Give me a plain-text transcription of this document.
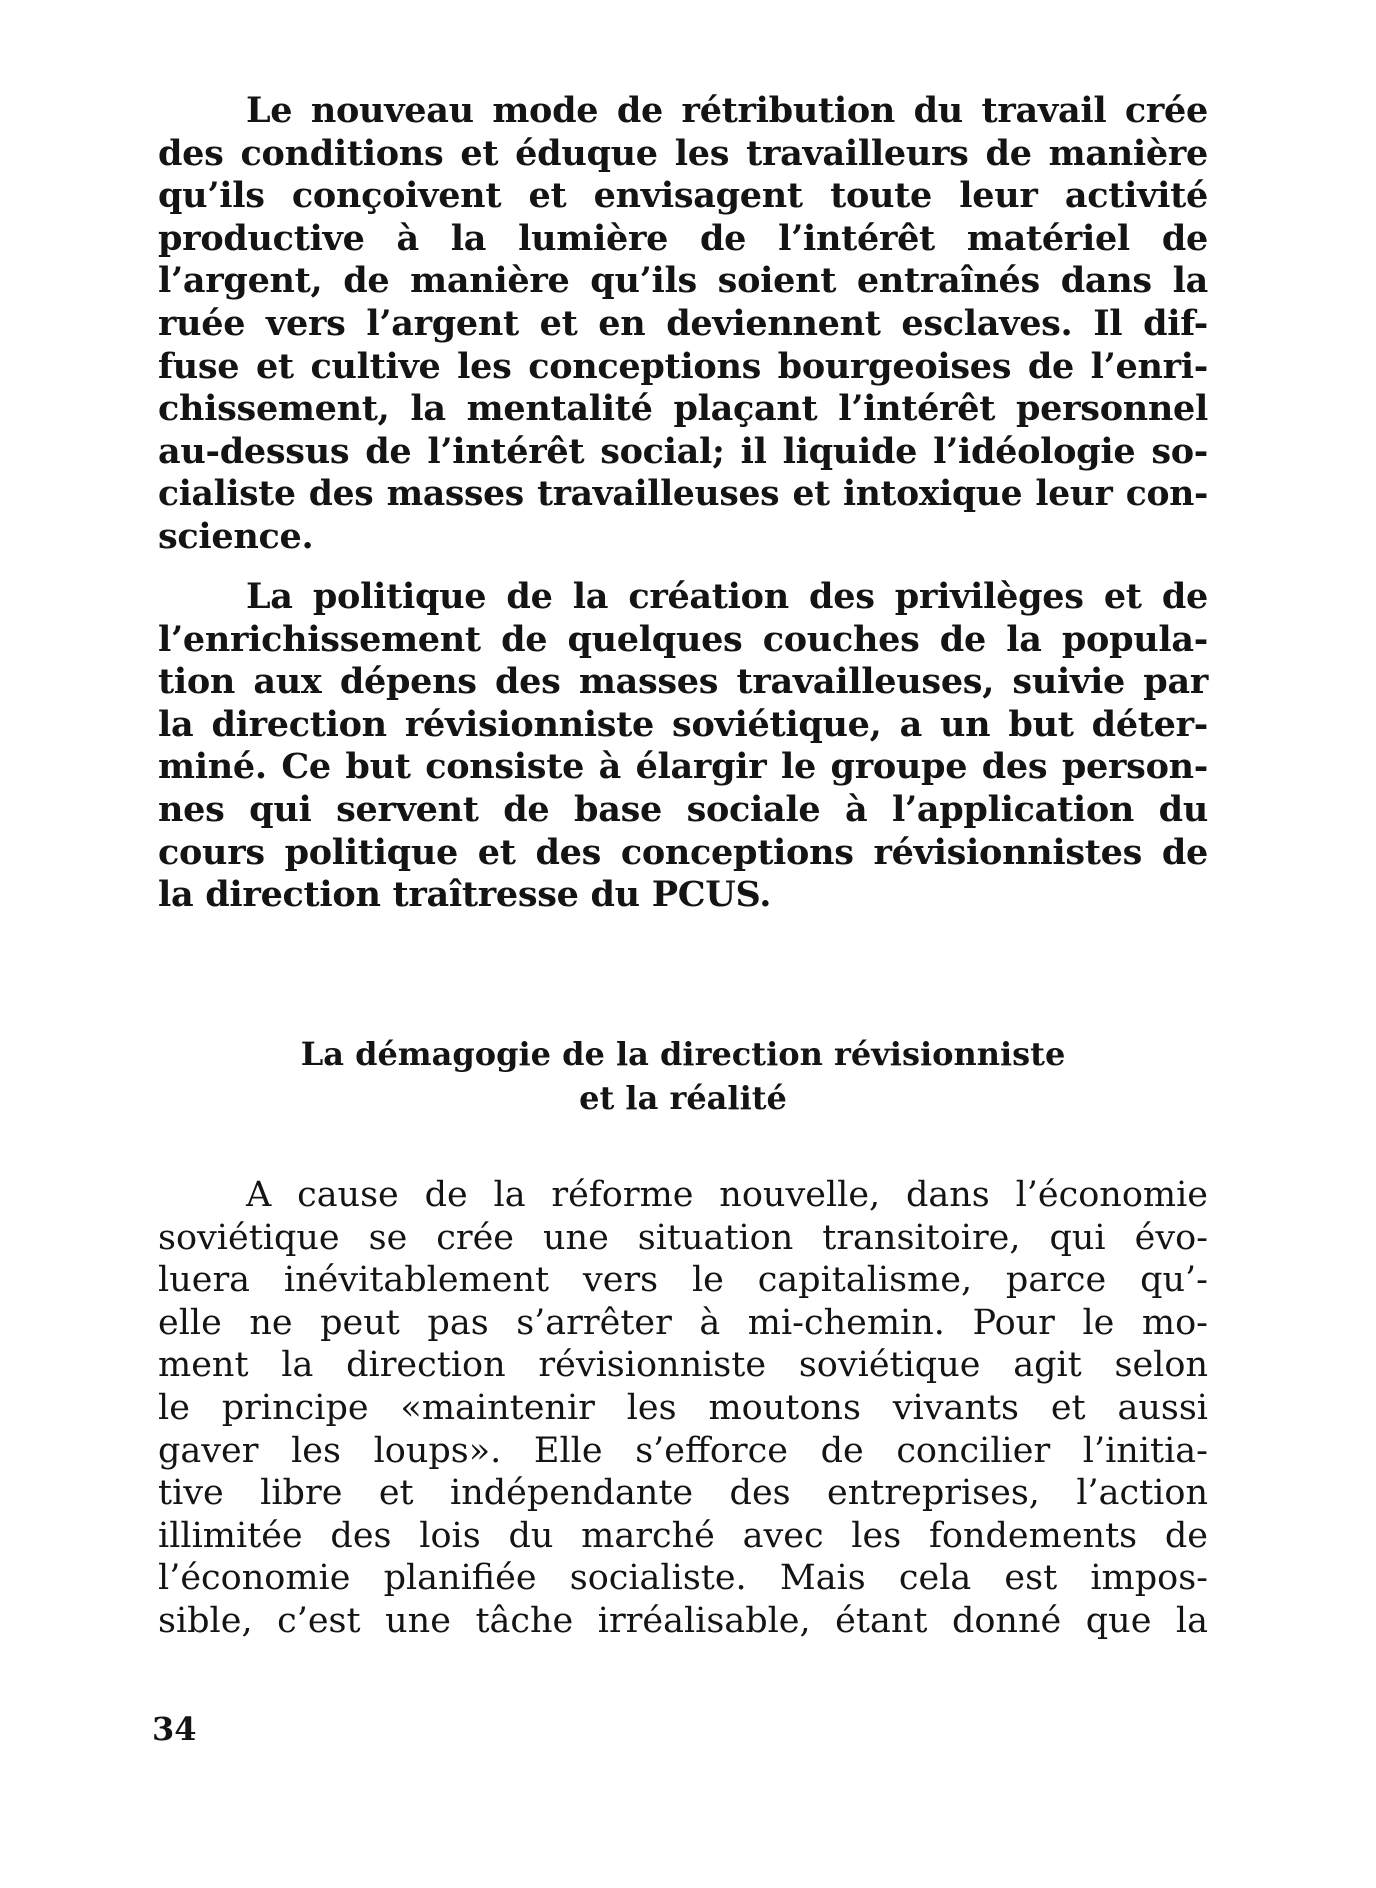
Le nouveau mode de rétribution du travail crée
des conditions et éduque les travailleurs de manière
qu’ils conçoivent et envisagent toute leur activité
productive à la lumière de l’intérêt matériel de
l’argent, de manière qu’ils soient entraînés dans la
ruée vers l’argent et en deviennent esclaves. Il dif-
fuse et cultive les conceptions bourgeoises de l’enri-
chissement, la mentalité plaçant l’intérêt personnel
au-dessus de l’intérêt social; il liquide l’idéologie so-
cialiste des masses travailleuses et intoxique leur con-
science.
La politique de la création des privilèges et de
l’enrichissement de quelques couches de la popula-
tion aux dépens des masses travailleuses, suivie par
la direction révisionniste soviétique, a un but déter-
miné. Ce but consiste à élargir le groupe des person-
nes qui servent de base sociale à l’application du
cours politique et des conceptions révisionnistes de
la direction traîtresse du PCUS.
La démagogie de la direction révisionniste
et la réalité
A cause de la réforme nouvelle, dans l’économie
soviétique se crée une situation transitoire, qui évo-
luera inévitablement vers le capitalisme, parce qu’-
elle ne peut pas s’arrêter à mi-chemin. Pour le mo-
ment la direction révisionniste soviétique agit selon
le principe «maintenir les moutons vivants et aussi
gaver les loups». Elle s’efforce de concilier l’initia-
tive libre et indépendante des entreprises, l’action
illimitée des lois du marché avec les fondements de
l’économie planifiée socialiste. Mais cela est impos-
sible, c’est une tâche irréalisable, étant donné que la
34
